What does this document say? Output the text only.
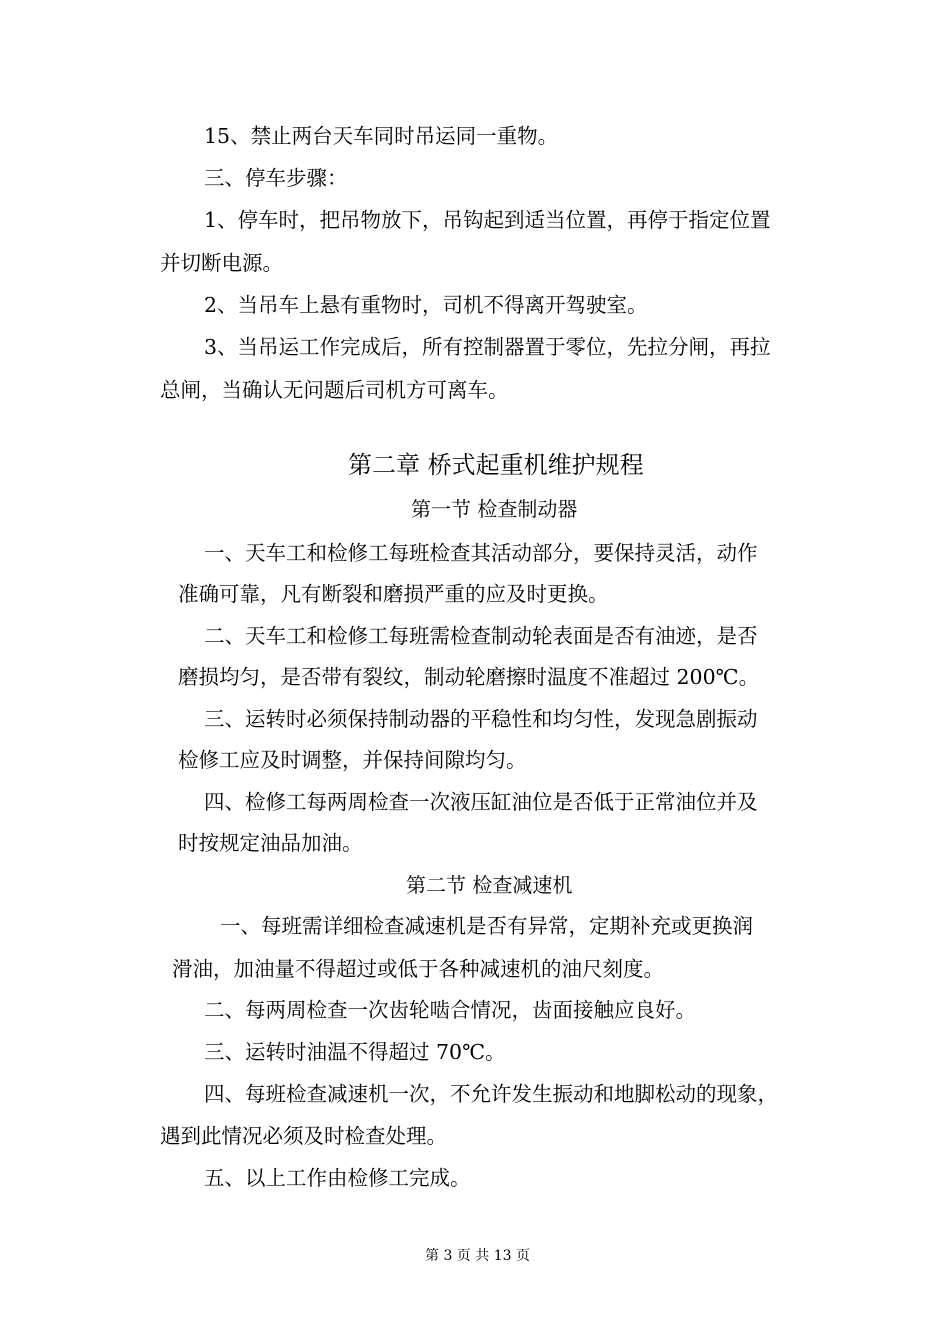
15、禁止两台天车同时吊运同一重物。
三、停车步骤：
1、停车时，把吊物放下，吊钩起到适当位置，再停于指定位置
并切断电源。
2、当吊车上悬有重物时，司机不得离开驾驶室。
3、当吊运工作完成后，所有控制器置于零位，先拉分闸，再拉
总闸，当确认无问题后司机方可离车。
第二章 桥式起重机维护规程
第一节 检查制动器
一、天车工和检修工每班检查其活动部分，要保持灵活，动作
准确可靠，凡有断裂和磨损严重的应及时更换。
二、天车工和检修工每班需检查制动轮表面是否有油迹，是否
磨损均匀，是否带有裂纹，制动轮磨擦时温度不准超过 200℃。
三、运转时必须保持制动器的平稳性和均匀性，发现急剧振动
检修工应及时调整，并保持间隙均匀。
四、检修工每两周检查一次液压缸油位是否低于正常油位并及
时按规定油品加油。
第二节 检查减速机
一、每班需详细检查减速机是否有异常，定期补充或更换润
滑油，加油量不得超过或低于各种减速机的油尺刻度。
二、每两周检查一次齿轮啮合情况，齿面接触应良好。
三、运转时油温不得超过 70℃。
四、每班检查减速机一次，不允许发生振动和地脚松动的现象，
遇到此情况必须及时检查处理。
五、以上工作由检修工完成。
第 3 页 共 13 页
